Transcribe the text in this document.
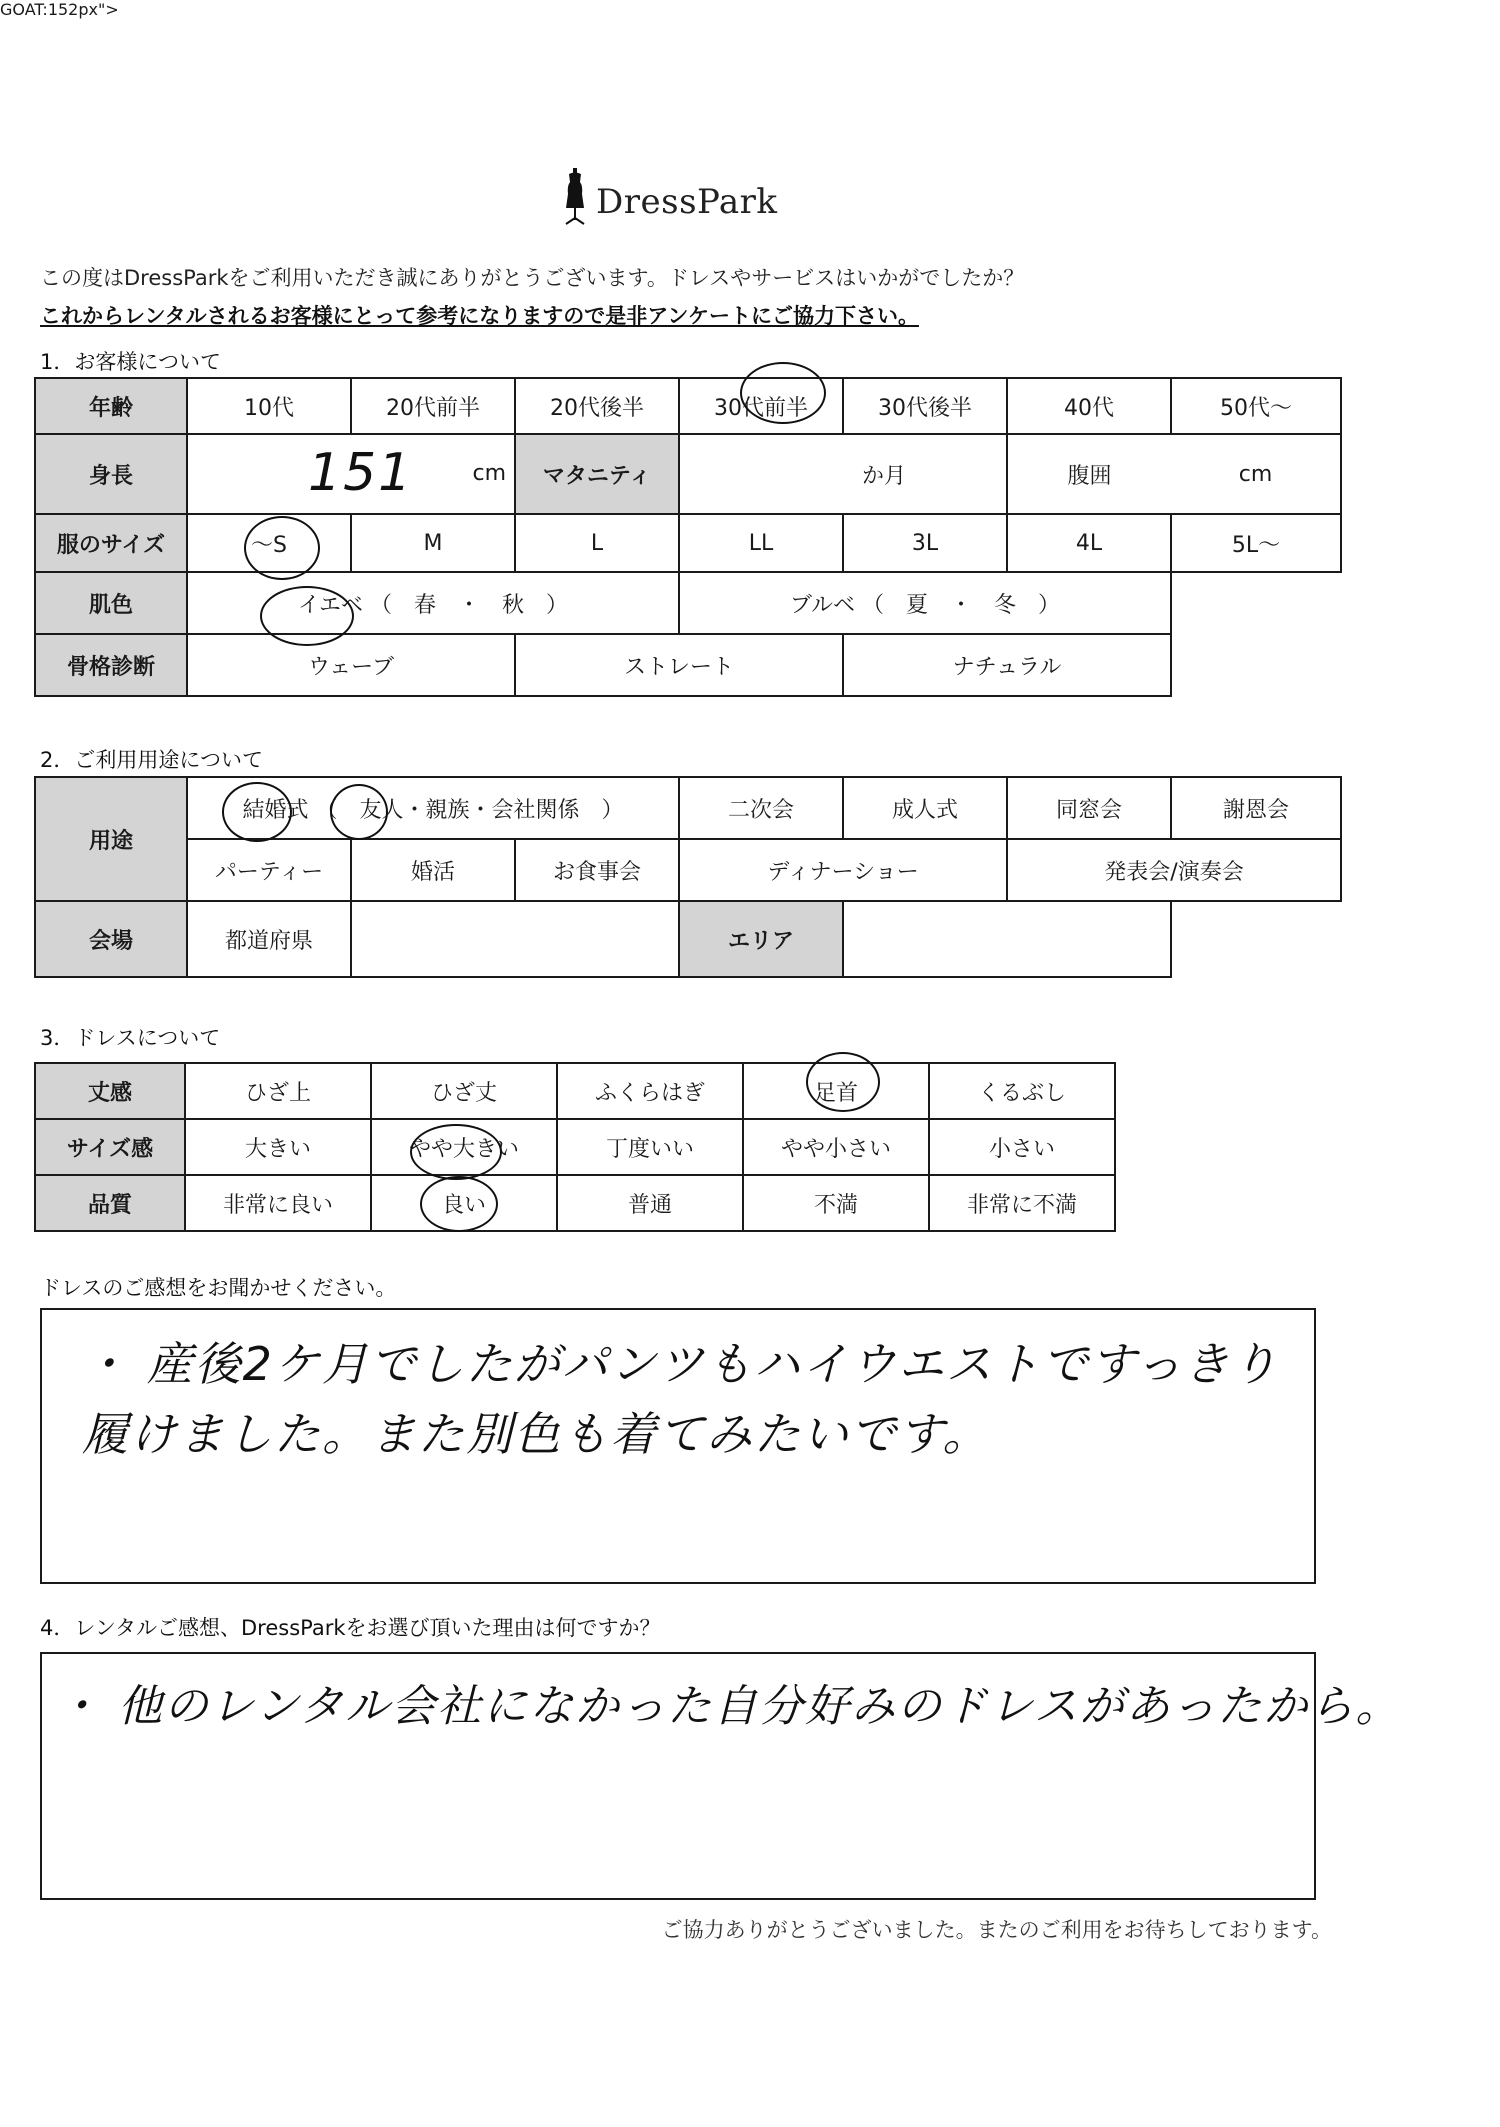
DressPark
この度はDressParkをご利用いただき誠にありがとうございます。ドレスやサービスはいかがでしたか？
これからレンタルされるお客様にとって参考になりますので是非アンケートにご協力下さい。
1．お客様について
年齢	10代	20代前半	20代後半	30代前半	30代後半	40代	50代〜
身長	151 cm		マタニティ	か月		腹囲	cm
服のサイズ	〜S	M	L	LL	3L	4L	5L〜
肌色	イエベ （　春　・　秋　）			ブルベ （　夏　・　冬　）			
骨格診断	ウェーブ		ストレート		ナチュラル		
2．ご利用用途について
用途	結婚式 （　友人・親族・会社関係　）			二次会	成人式	同窓会	謝恩会
	パーティー	婚活	お食事会	ディナーショー		発表会/演奏会	
会場	都道府県			エリア			
3．ドレスについて
GOAT:152px">
丈感	ひざ上	ひざ丈	ふくらはぎ	足首	くるぶし
サイズ感	大きい	やや大きい	丁度いい	やや小さい	小さい
品質	非常に良い	良い	普通	不満	非常に不満
ドレスのご感想をお聞かせください。
・ 産後2ケ月でしたがパンツもハイウエストですっきり
履けました。また別色も着てみたいです。
4．レンタルご感想、DressParkをお選び頂いた理由は何ですか？
・ 他のレンタル会社になかった自分好みのドレスがあったから。
ご協力ありがとうございました。またのご利用をお待ちしております。
